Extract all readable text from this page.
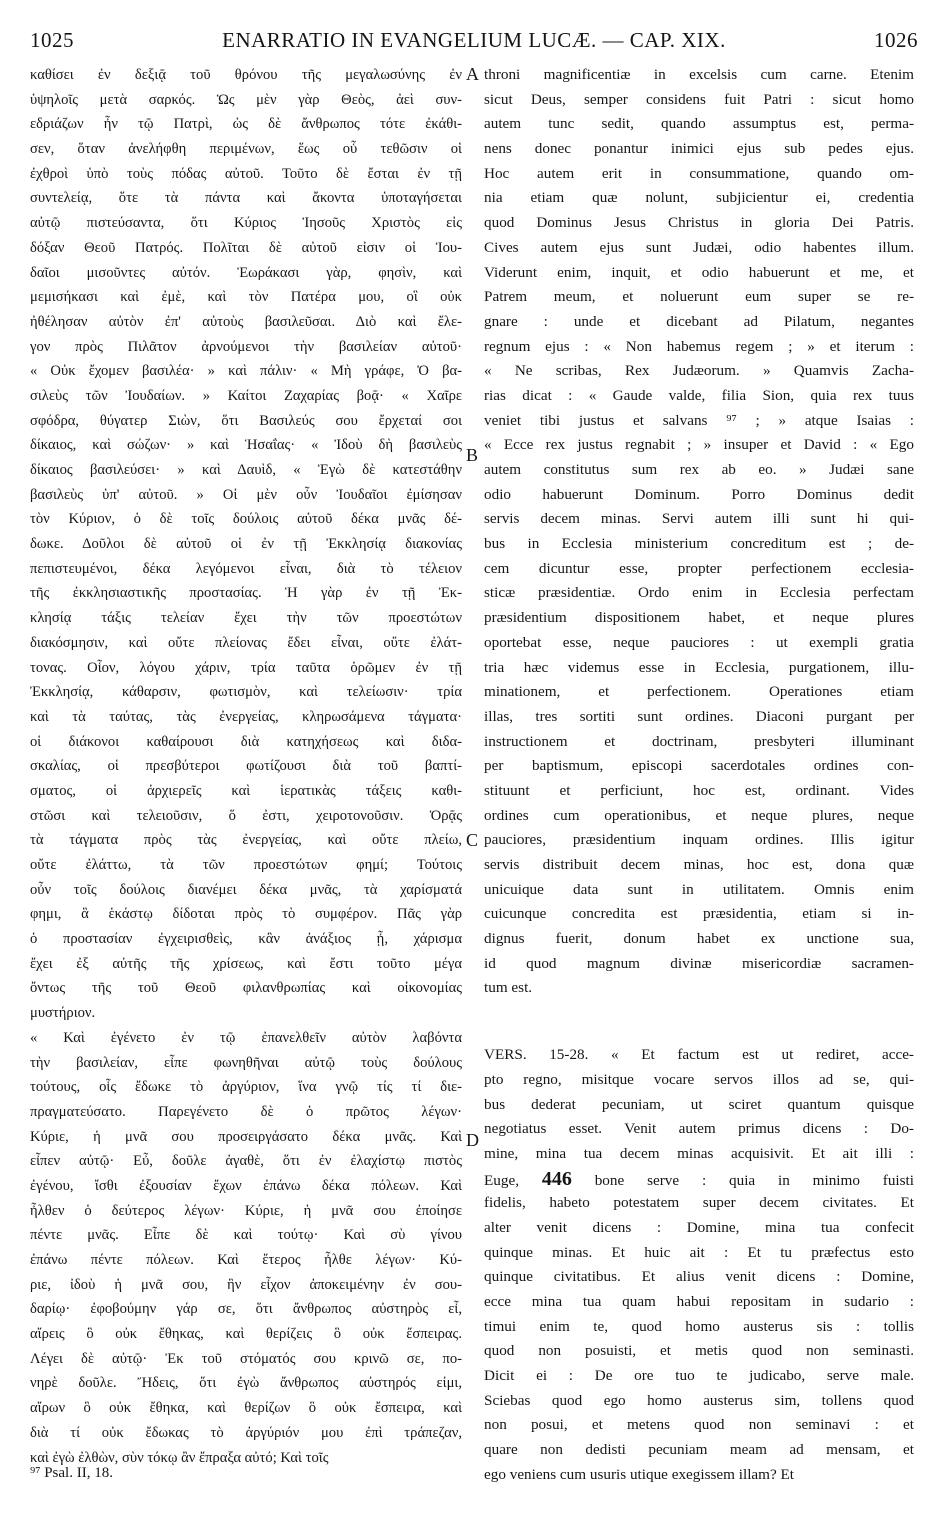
1025	ENARRATIO IN EVANGELIUM LUCÆ. — CAP. XIX.	1026
καθίσει ἐν δεξιᾷ τοῦ θρόνου τῆς μεγαλωσύνης ἐν
ὑψηλοῖς μετὰ σαρκός. Ὡς μὲν γὰρ Θεὸς, ἀεὶ συν-
εδριάζων ἦν τῷ Πατρὶ, ὡς δὲ ἄνθρωπος τότε ἐκάθι-
σεν, ὅταν ἀνελήφθη περιμένων, ἕως οὗ τεθῶσιν οἱ
ἐχθροὶ ὑπὸ τοὺς πόδας αὐτοῦ. Τοῦτο δὲ ἔσται ἐν τῇ
συντελείᾳ, ὅτε τὰ πάντα καὶ ἄκοντα ὑποταγήσεται
αὐτῷ πιστεύσαντα, ὅτι Κύριος Ἰησοῦς Χριστὸς εἰς
δόξαν Θεοῦ Πατρός. Πολῖται δὲ αὐτοῦ εἰσιν οἱ Ἰου-
δαῖοι μισοῦντες αὐτόν. Ἑωράκασι γὰρ, φησὶν, καὶ
μεμισήκασι καὶ ἐμὲ, καὶ τὸν Πατέρα μου, οἳ οὐκ
ἠθέλησαν αὐτὸν ἐπ' αὐτοὺς βασιλεῦσαι. Διὸ καὶ ἔλε-
γον πρὸς Πιλᾶτον ἀρνούμενοι τὴν βασιλείαν αὐτοῦ·
« Οὐκ ἔχομεν βασιλέα· » καὶ πάλιν· « Μὴ γράφε, Ὁ βα-
σιλεὺς τῶν Ἰουδαίων. » Καίτοι Ζαχαρίας βοᾷ· « Χαῖρε
σφόδρα, θύγατερ Σιὼν, ὅτι Βασιλεύς σου ἔρχεταί σοι
δίκαιος, καὶ σώζων· » καὶ Ἡσαΐας· « Ἰδοὺ δὴ βασιλεὺς
δίκαιος βασιλεύσει· » καὶ Δαυὶδ, « Ἐγὼ δὲ κατεστάθην
βασιλεὺς ὑπ' αὐτοῦ. » Οἱ μὲν οὖν Ἰουδαῖοι ἐμίσησαν
τὸν Κύριον, ὁ δὲ τοῖς δούλοις αὐτοῦ δέκα μνᾶς δέ-
δωκε. Δοῦλοι δὲ αὐτοῦ οἱ ἐν τῇ Ἐκκλησίᾳ διακονίας
πεπιστευμένοι, δέκα λεγόμενοι εἶναι, διὰ τὸ τέλειον
τῆς ἐκκλησιαστικῆς προστασίας. Ἡ γὰρ ἐν τῇ Ἐκ-
κλησίᾳ τάξις τελείαν ἔχει τὴν τῶν προεστώτων
διακόσμησιν, καὶ οὔτε πλείονας ἔδει εἶναι, οὔτε ἐλάτ-
τονας. Οἷον, λόγου χάριν, τρία ταῦτα ὁρῶμεν ἐν τῇ
Ἐκκλησίᾳ, κάθαρσιν, φωτισμὸν, καὶ τελείωσιν· τρία
καὶ τὰ ταύτας, τὰς ἐνεργείας, κληρωσάμενα τάγματα·
οἱ διάκονοι καθαίρουσι διὰ κατηχήσεως καὶ διδα-
σκαλίας, οἱ πρεσβύτεροι φωτίζουσι διὰ τοῦ βαπτί-
σματος, οἱ ἀρχιερεῖς καὶ ἱερατικὰς τάξεις καθι-
στῶσι καὶ τελειοῦσιν, ὅ ἐστι, χειροτονοῦσιν. Ὁρᾷς
τὰ τάγματα πρὸς τὰς ἐνεργείας, καὶ οὔτε πλείω,
οὔτε ἐλάττω, τὰ τῶν προεστώτων φημί; Τούτοις
οὖν τοῖς δούλοις διανέμει δέκα μνᾶς, τὰ χαρίσματά
φημι, ἃ ἑκάστῳ δίδοται πρὸς τὸ συμφέρον. Πᾶς γὰρ
ὁ προστασίαν ἐγχειρισθεὶς, κἂν ἀνάξιος ᾖ, χάρισμα
ἔχει ἐξ αὐτῆς τῆς χρίσεως, καὶ ἔστι τοῦτο μέγα
ὄντως τῆς τοῦ Θεοῦ φιλανθρωπίας καὶ οἰκονομίας
μυστήριον.
« Καὶ ἐγένετο ἐν τῷ ἐπανελθεῖν αὐτὸν λαβόντα
τὴν βασιλείαν, εἶπε φωνηθῆναι αὐτῷ τοὺς δούλους
τούτους, οἷς ἔδωκε τὸ ἀργύριον, ἵνα γνῷ τίς τί διε-
πραγματεύσατο. Παρεγένετο δὲ ὁ πρῶτος λέγων·
Κύριε, ἡ μνᾶ σου προσειργάσατο δέκα μνᾶς. Καὶ
εἶπεν αὐτῷ· Εὖ, δοῦλε ἀγαθὲ, ὅτι ἐν ἐλαχίστῳ πιστὸς
ἐγένου, ἴσθι ἐξουσίαν ἔχων ἐπάνω δέκα πόλεων. Καὶ
ἦλθεν ὁ δεύτερος λέγων· Κύριε, ἡ μνᾶ σου ἐποίησε
πέντε μνᾶς. Εἶπε δὲ καὶ τούτῳ· Καὶ σὺ γίνου
ἐπάνω πέντε πόλεων. Καὶ ἕτερος ἦλθε λέγων· Κύ-
ριε, ἰδοὺ ἡ μνᾶ σου, ἣν εἶχον ἀποκειμένην ἐν σου-
δαρίῳ· ἐφοβούμην γάρ σε, ὅτι ἄνθρωπος αὐστηρὸς εἶ,
αἴρεις ὃ οὐκ ἔθηκας, καὶ θερίζεις ὃ οὐκ ἔσπειρας.
Λέγει δὲ αὐτῷ· Ἐκ τοῦ στόματός σου κρινῶ σε, πο-
νηρὲ δοῦλε. Ἤδεις, ὅτι ἐγὼ ἄνθρωπος αὐστηρός εἰμι,
αἴρων ὃ οὐκ ἔθηκα, καὶ θερίζων ὃ οὐκ ἔσπειρα, καὶ
διὰ τί οὐκ ἔδωκας τὸ ἀργύριόν μου ἐπὶ τράπεζαν,
καὶ ἐγὼ ἐλθὼν, σὺν τόκῳ ἂν ἔπραξα αὐτό; Καὶ τοῖς
throni magnificentiæ in excelsis cum carne. Etenim
sicut Deus, semper considens fuit Patri : sicut homo
autem tunc sedit, quando assumptus est, perma-
nens donec ponantur inimici ejus sub pedes ejus.
Hoc autem erit in consummatione, quando om-
nia etiam quæ nolunt, subjicientur ei, credentia
quod Dominus Jesus Christus in gloria Dei Patris.
Cives autem ejus sunt Judæi, odio habentes illum.
Viderunt enim, inquit, et odio habuerunt et me, et
Patrem meum, et noluerunt eum super se re-
gnare : unde et dicebant ad Pilatum, negantes
regnum ejus : « Non habemus regem ; » et iterum :
« Ne scribas, Rex Judæorum. » Quamvis Zacha-
rias dicat : « Gaude valde, filia Sion, quia rex tuus
veniet tibi justus et salvans ⁹⁷ ; » atque Isaias :
« Ecce rex justus regnabit ; » insuper et David : « Ego
autem constitutus sum rex ab eo. » Judæi sane
odio habuerunt Dominum. Porro Dominus dedit
servis decem minas. Servi autem illi sunt hi qui-
bus in Ecclesia ministerium concreditum est ; de-
cem dicuntur esse, propter perfectionem ecclesia-
sticæ præsidentiæ. Ordo enim in Ecclesia perfectam
præsidentium dispositionem habet, et neque plures
oportebat esse, neque pauciores : ut exempli gratia
tria hæc videmus esse in Ecclesia, purgationem, illu-
minationem, et perfectionem. Operationes etiam
illas, tres sortiti sunt ordines. Diaconi purgant per
instructionem et doctrinam, presbyteri illuminant
per baptismum, episcopi sacerdotales ordines con-
stituunt et perficiunt, hoc est, ordinant. Vides
ordines cum operationibus, et neque plures, neque
pauciores, præsidentium inquam ordines. Illis igitur
servis distribuit decem minas, hoc est, dona quæ
unicuique data sunt in utilitatem. Omnis enim
cuicunque concredita est præsidentia, etiam si in-
dignus fuerit, donum habet ex unctione sua,
id quod magnum divinæ misericordiæ sacramen-
tum est.
VERS. 15-28. « Et factum est ut rediret, acce-
pto regno, misitque vocare servos illos ad se, qui-
bus dederat pecuniam, ut sciret quantum quisque
negotiatus esset. Venit autem primus dicens : Do-
mine, mina tua decem minas acquisivit. Et ait illi :
Euge, 446 bone serve : quia in minimo fuisti
fidelis, habeto potestatem super decem civitates. Et
alter venit dicens : Domine, mina tua confecit
quinque minas. Et huic ait : Et tu præfectus esto
quinque civitatibus. Et alius venit dicens : Domine,
ecce mina tua quam habui repositam in sudario :
timui enim te, quod homo austerus sis : tollis
quod non posuisti, et metis quod non seminasti.
Dicit ei : De ore tuo te judicabo, serve male.
Sciebas quod ego homo austerus sim, tollens quod
non posui, et metens quod non seminavi : et
quare non dedisti pecuniam meam ad mensam, et
ego veniens cum usuris utique exegissem illam? Et
A
B
C
D
⁹⁷ Psal. II, 18.
